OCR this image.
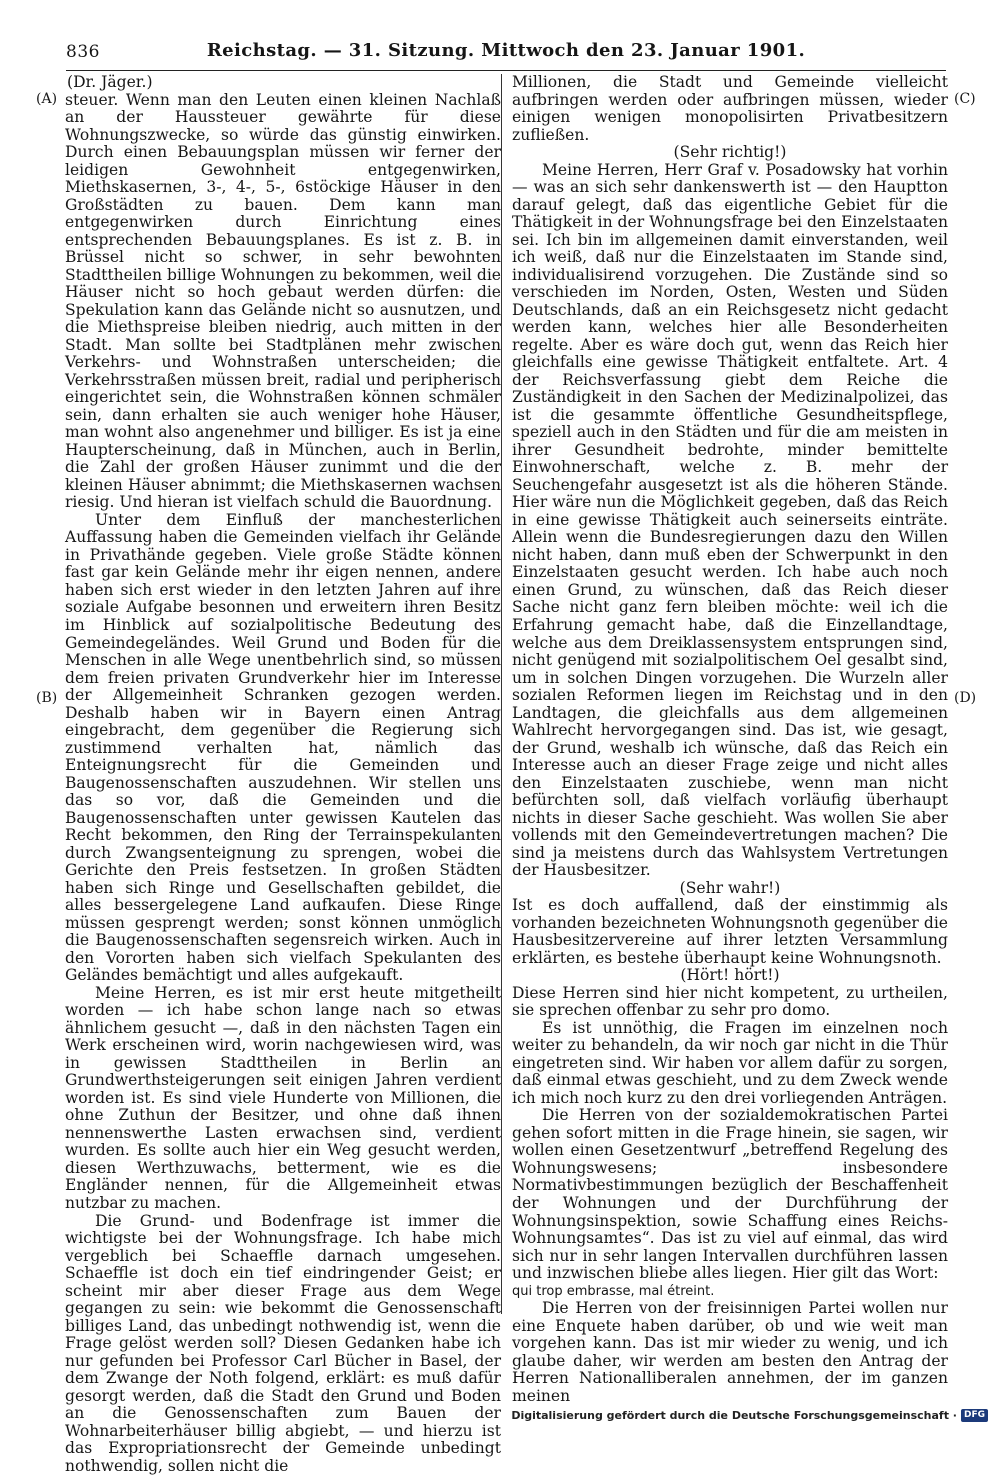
836	Reichstag. — 31. Sitzung. Mittwoch den 23. Januar 1901.
(A)
(B)
(C)
(D)
(Dr. Jäger.)

steuer. Wenn man den Leuten einen kleinen Nachlaß an der Haussteuer gewährte für diese Wohnungszwecke, so würde das günstig einwirken. Durch einen Bebauungsplan müssen wir ferner der leidigen Gewohnheit entgegenwirken, Miethskasernen, 3-, 4-, 5-, 6stöckige Häuser in den Großstädten zu bauen. Dem kann man entgegenwirken durch Einrichtung eines entsprechenden Bebauungsplanes. Es ist z. B. in Brüssel nicht so schwer, in sehr bewohnten Stadttheilen billige Wohnungen zu bekommen, weil die Häuser nicht so hoch gebaut werden dürfen: die Spekulation kann das Gelände nicht so ausnutzen, und die Miethspreise bleiben niedrig, auch mitten in der Stadt. Man sollte bei Stadtplänen mehr zwischen Verkehrs- und Wohnstraßen unterscheiden; die Verkehrsstraßen müssen breit, radial und peripherisch eingerichtet sein, die Wohnstraßen können schmäler sein, dann erhalten sie auch weniger hohe Häuser, man wohnt also angenehmer und billiger. Es ist ja eine Haupterscheinung, daß in München, auch in Berlin, die Zahl der großen Häuser zunimmt und die der kleinen Häuser abnimmt; die Miethskasernen wachsen riesig. Und hieran ist vielfach schuld die Bauordnung.

Unter dem Einfluß der manchesterlichen Auffassung haben die Gemeinden vielfach ihr Gelände in Privathände gegeben. Viele große Städte können fast gar kein Gelände mehr ihr eigen nennen, andere haben sich erst wieder in den letzten Jahren auf ihre soziale Aufgabe besonnen und erweitern ihren Besitz im Hinblick auf sozialpolitische Bedeutung des Gemeindegeländes. Weil Grund und Boden für die Menschen in alle Wege unentbehrlich sind, so müssen dem freien privaten Grundverkehr hier im Interesse der Allgemeinheit Schranken gezogen werden. Deshalb haben wir in Bayern einen Antrag eingebracht, dem gegenüber die Regierung sich zustimmend verhalten hat, nämlich das Enteignungsrecht für die Gemeinden und Baugenossenschaften auszudehnen. Wir stellen uns das so vor, daß die Gemeinden und die Baugenossenschaften unter gewissen Kautelen das Recht bekommen, den Ring der Terrainspekulanten durch Zwangsenteignung zu sprengen, wobei die Gerichte den Preis festsetzen. In großen Städten haben sich Ringe und Gesellschaften gebildet, die alles bessergelegene Land aufkaufen. Diese Ringe müssen gesprengt werden; sonst können unmöglich die Baugenossenschaften segensreich wirken. Auch in den Vororten haben sich vielfach Spekulanten des Geländes bemächtigt und alles aufgekauft.

Meine Herren, es ist mir erst heute mitgetheilt worden — ich habe schon lange nach so etwas ähnlichem gesucht —, daß in den nächsten Tagen ein Werk erscheinen wird, worin nachgewiesen wird, was in gewissen Stadttheilen in Berlin an Grundwerthsteigerungen seit einigen Jahren verdient worden ist. Es sind viele Hunderte von Millionen, die ohne Zuthun der Besitzer, und ohne daß ihnen nennenswerthe Lasten erwachsen sind, verdient wurden. Es sollte auch hier ein Weg gesucht werden, diesen Werthzuwachs, betterment, wie es die Engländer nennen, für die Allgemeinheit etwas nutzbar zu machen.

Die Grund- und Bodenfrage ist immer die wichtigste bei der Wohnungsfrage. Ich habe mich vergeblich bei Schaeffle darnach umgesehen. Schaeffle ist doch ein tief eindringender Geist; er scheint mir aber dieser Frage aus dem Wege gegangen zu sein: wie bekommt die Genossenschaft billiges Land, das unbedingt nothwendig ist, wenn die Frage gelöst werden soll? Diesen Gedanken habe ich nur gefunden bei Professor Carl Bücher in Basel, der dem Zwange der Noth folgend, erklärt: es muß dafür gesorgt werden, daß die Stadt den Grund und Boden an die Genossenschaften zum Bauen der Wohnarbeiterhäuser billig abgiebt, — und hierzu ist das Expropriationsrecht der Gemeinde unbedingt nothwendig, sollen nicht die

Millionen, die Stadt und Gemeinde vielleicht aufbringen werden oder aufbringen müssen, wieder einigen wenigen monopolisirten Privatbesitzern zufließen.

(Sehr richtig!)

Meine Herren, Herr Graf v. Posadowsky hat vorhin — was an sich sehr dankenswerth ist — den Hauptton darauf gelegt, daß das eigentliche Gebiet für die Thätigkeit in der Wohnungsfrage bei den Einzelstaaten sei. Ich bin im allgemeinen damit einverstanden, weil ich weiß, daß nur die Einzelstaaten im Stande sind, individualisirend vorzugehen. Die Zustände sind so verschieden im Norden, Osten, Westen und Süden Deutschlands, daß an ein Reichsgesetz nicht gedacht werden kann, welches hier alle Besonderheiten regelte. Aber es wäre doch gut, wenn das Reich hier gleichfalls eine gewisse Thätigkeit entfaltete. Art. 4 der Reichsverfassung giebt dem Reiche die Zuständigkeit in den Sachen der Medizinalpolizei, das ist die gesammte öffentliche Gesundheitspflege, speziell auch in den Städten und für die am meisten in ihrer Gesundheit bedrohte, minder bemittelte Einwohnerschaft, welche z. B. mehr der Seuchengefahr ausgesetzt ist als die höheren Stände. Hier wäre nun die Möglichkeit gegeben, daß das Reich in eine gewisse Thätigkeit auch seinerseits einträte. Allein wenn die Bundesregierungen dazu den Willen nicht haben, dann muß eben der Schwerpunkt in den Einzelstaaten gesucht werden. Ich habe auch noch einen Grund, zu wünschen, daß das Reich dieser Sache nicht ganz fern bleiben möchte: weil ich die Erfahrung gemacht habe, daß die Einzellandtage, welche aus dem Dreiklassensystem entsprungen sind, nicht genügend mit sozialpolitischem Oel gesalbt sind, um in solchen Dingen vorzugehen. Die Wurzeln aller sozialen Reformen liegen im Reichstag und in den Landtagen, die gleichfalls aus dem allgemeinen Wahlrecht hervorgegangen sind. Das ist, wie gesagt, der Grund, weshalb ich wünsche, daß das Reich ein Interesse auch an dieser Frage zeige und nicht alles den Einzelstaaten zuschiebe, wenn man nicht befürchten soll, daß vielfach vorläufig überhaupt nichts in dieser Sache geschieht. Was wollen Sie aber vollends mit den Gemeindevertretungen machen? Die sind ja meistens durch das Wahlsystem Vertretungen der Hausbesitzer.

(Sehr wahr!)

Ist es doch auffallend, daß der einstimmig als vorhanden bezeichneten Wohnungsnoth gegenüber die Hausbesitzervereine auf ihrer letzten Versammlung erklärten, es bestehe überhaupt keine Wohnungsnoth.

(Hört! hört!)

Diese Herren sind hier nicht kompetent, zu urtheilen, sie sprechen offenbar zu sehr pro domo.

Es ist unnöthig, die Fragen im einzelnen noch weiter zu behandeln, da wir noch gar nicht in die Thür eingetreten sind. Wir haben vor allem dafür zu sorgen, daß einmal etwas geschieht, und zu dem Zweck wende ich mich noch kurz zu den drei vorliegenden Anträgen.

Die Herren von der sozialdemokratischen Partei gehen sofort mitten in die Frage hinein, sie sagen, wir wollen einen Gesetzentwurf „betreffend Regelung des Wohnungswesens; insbesondere Normativbestimmungen bezüglich der Beschaffenheit der Wohnungen und der Durchführung der Wohnungsinspektion, sowie Schaffung eines Reichs-Wohnungsamtes“. Das ist zu viel auf einmal, das wird sich nur in sehr langen Intervallen durchführen lassen und inzwischen bliebe alles liegen. Hier gilt das Wort:

qui trop embrasse, mal étreint.

Die Herren von der freisinnigen Partei wollen nur eine Enquete haben darüber, ob und wie weit man vorgehen kann. Das ist mir wieder zu wenig, und ich glaube daher, wir werden am besten den Antrag der Herren Nationalliberalen annehmen, der im ganzen meinen

Digitalisierung gefördert durch die Deutsche Forschungsgemeinschaft · DFG
